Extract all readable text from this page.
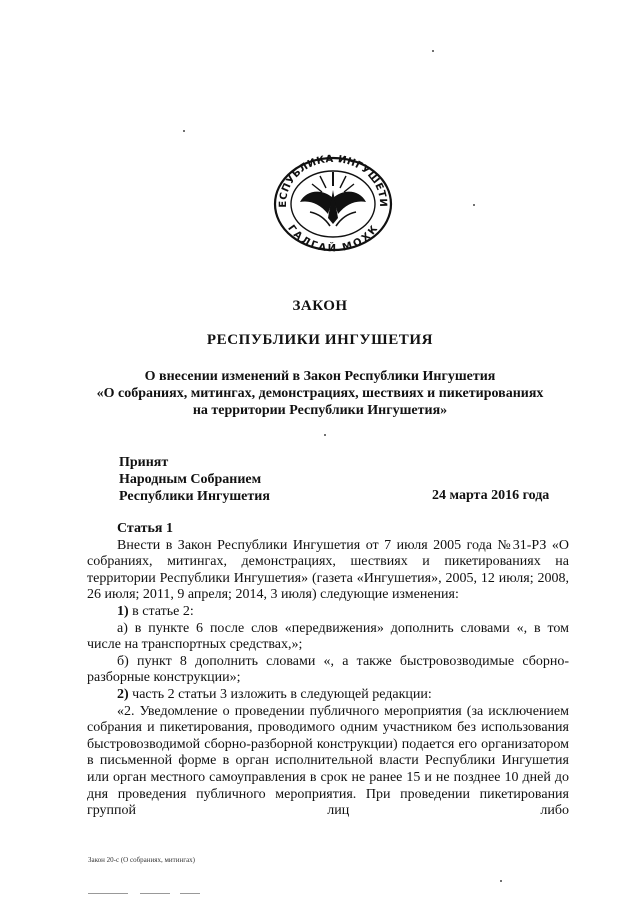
ЕСПУБЛИКА ИНГУШЕТИ
ГАЛГАЙ МОХК
ЗАКОН
РЕСПУБЛИКИ ИНГУШЕТИЯ
О внесении изменений в Закон Республики Ингушетия
«О собраниях, митингах, демонстрациях, шествиях и пикетированиях
на территории Республики Ингушетия»
Принят
Народным Собранием
Республики Ингушетия	24 марта 2016 года

Статья 1

Внести в Закон Республики Ингушетия от 7 июля 2005 года №31-РЗ «О собраниях, митингах, демонстрациях, шествиях и пикетированиях на территории Республики Ингушетия» (газета «Ингушетия», 2005, 12 июля; 2008, 26 июля; 2011, 9 апреля; 2014, 3 июля) следующие изменения:

1) в статье 2:

а) в пункте 6 после слов «передвижения» дополнить словами «, в том числе на транспортных средствах,»;

б) пункт 8 дополнить словами «, а также быстровозводимые сборно-разборные конструкции»;

2) часть 2 статьи 3 изложить в следующей редакции:

«2. Уведомление о проведении публичного мероприятия (за исключением собрания и пикетирования, проводимого одним участником без использования быстровозводимой сборно-разборной конструкции) подается его организатором в письменной форме в орган исполнительной власти Республики Ингушетия или орган местного самоуправления в срок не ранее 15 и не позднее 10 дней до дня проведения публичного мероприятия. При проведении пикетирования группой лиц либо

Закон 20-с (О собраниях, митингах)
